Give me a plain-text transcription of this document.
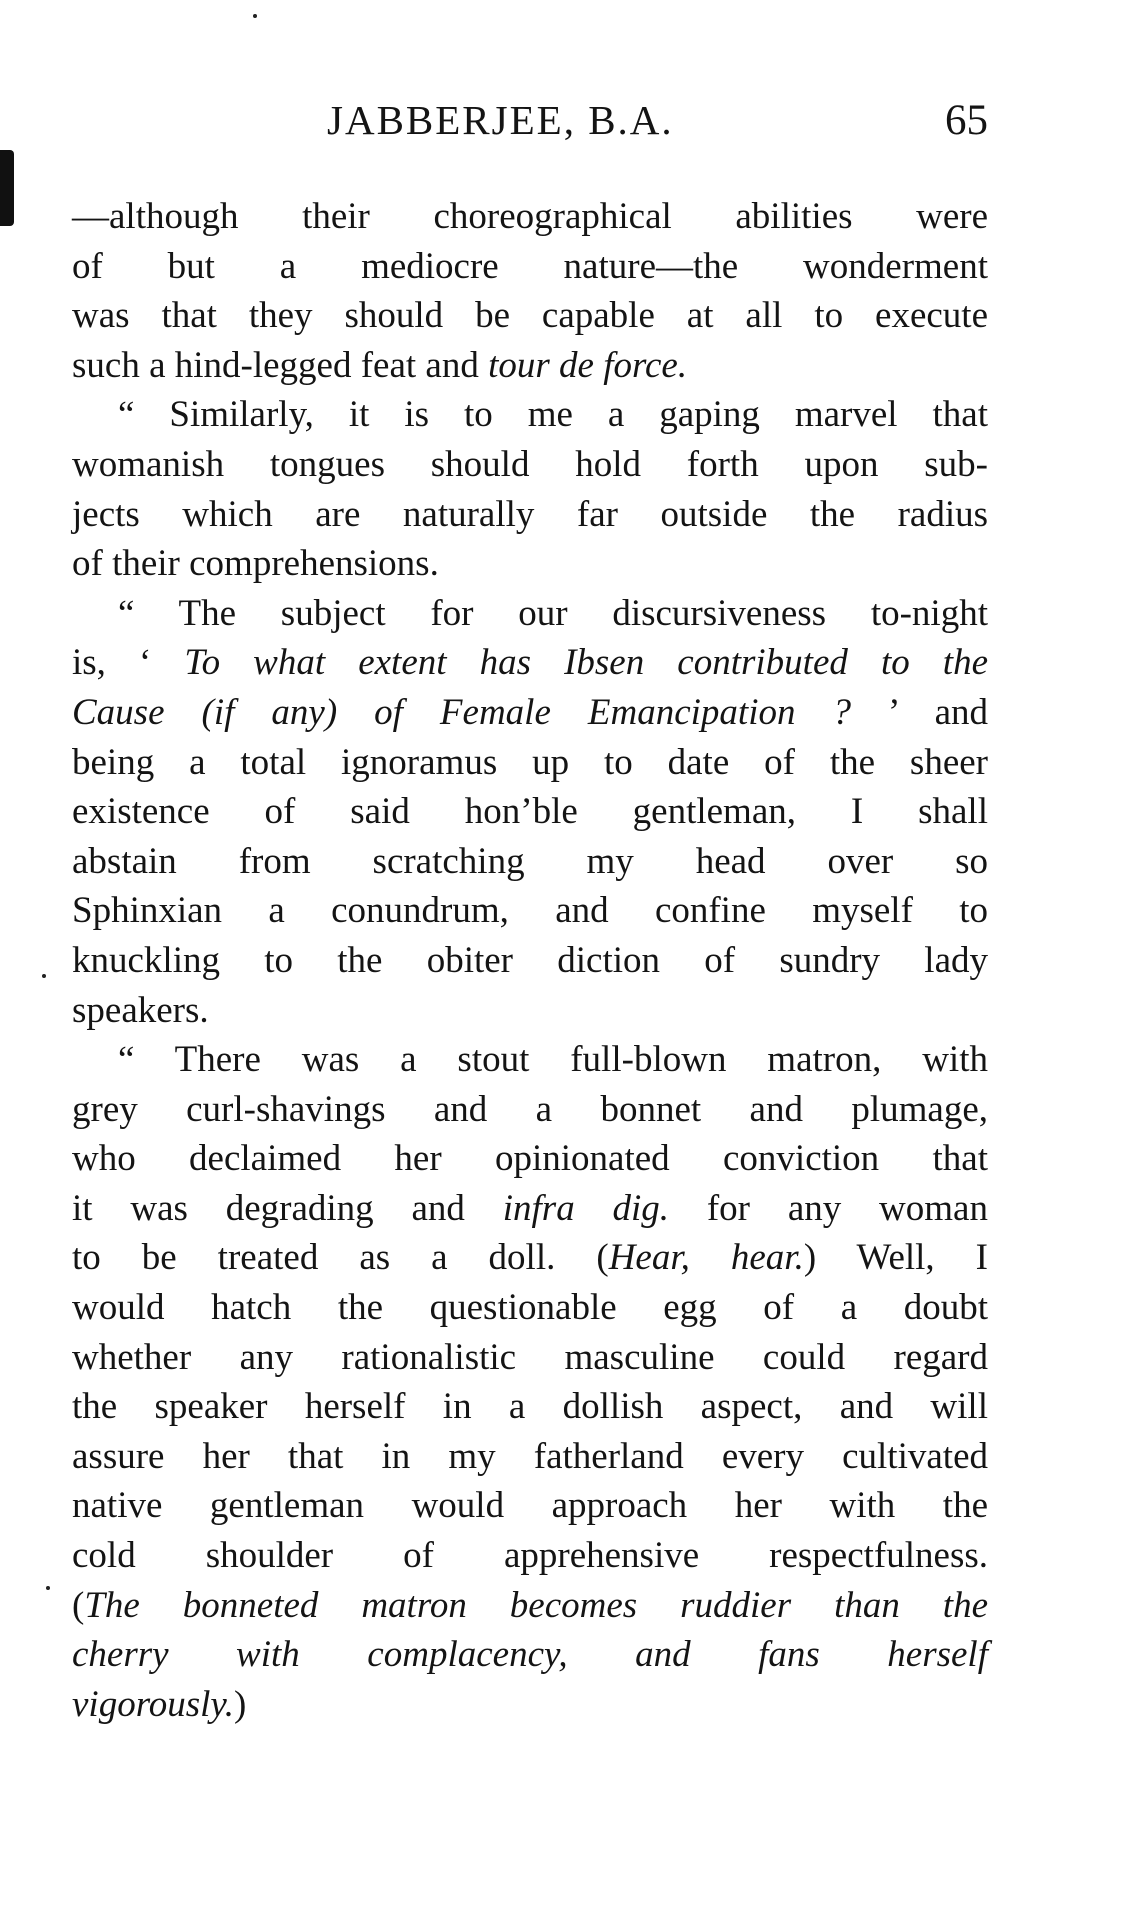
JABBERJEE, B.A.	65
—although their choreographical abilities were
of but a mediocre nature—the wonderment
was that they should be capable at all to execute
such a hind-legged feat and tour de force.
“ Similarly, it is to me a gaping marvel that
womanish tongues should hold forth upon sub-
jects which are naturally far outside the radius
of their comprehensions.
“ The subject for our discursiveness to-night
is, ‘ To what extent has Ibsen contributed to the
Cause (if any) of Female Emancipation ? ’ and
being a total ignoramus up to date of the sheer
existence of said hon’ble gentleman, I shall
abstain from scratching my head over so
Sphinxian a conundrum, and confine myself to
knuckling to the obiter diction of sundry lady
speakers.
“ There was a stout full-blown matron, with
grey curl-shavings and a bonnet and plumage,
who declaimed her opinionated conviction that
it was degrading and infra dig. for any woman
to be treated as a doll. (Hear, hear.) Well, I
would hatch the questionable egg of a doubt
whether any rationalistic masculine could regard
the speaker herself in a dollish aspect, and will
assure her that in my fatherland every cultivated
native gentleman would approach her with the
cold shoulder of apprehensive respectfulness.
(The bonneted matron becomes ruddier than the
cherry with complacency, and fans herself
vigorously.)
